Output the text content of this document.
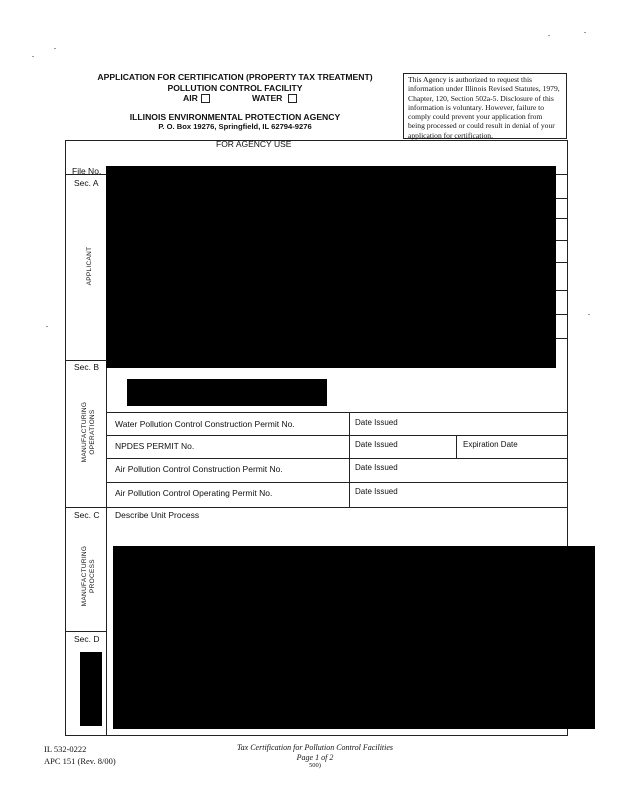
APPLICATION FOR CERTIFICATION (PROPERTY TAX TREATMENT)
POLLUTION CONTROL FACILITY
AIR	WATER
ILLINOIS ENVIRONMENTAL PROTECTION AGENCY
P. O. Box 19276, Springfield, IL 62794-9276
This Agency is authorized to request this
information under Illinois Revised Statutes, 1979,
Chapter, 120, Section 502a-5. Disclosure of this
information is voluntary. However, failure to
comply could prevent your application from
being processed or could result in denial of your
application for certification.
FOR AGENCY USE
File No.
Sec. A
APPLICANT
Sec. B
MANUFACTURING
OPERATIONS Water Pollution Control Construction Permit No.	Date Issued
NPDES PERMIT No.	Date Issued	Expiration Date
Air Pollution Control Construction Permit No.	Date Issued
Air Pollution Control Operating Permit No.	Date Issued
Sec. C Describe Unit Process
MANUFACTURING
PROCESS
Sec. D
IL 532-0222
APC 151 (Rev. 8/00)
Tax Certification for Pollution Control Facilities
Page 1 of 2
500)
